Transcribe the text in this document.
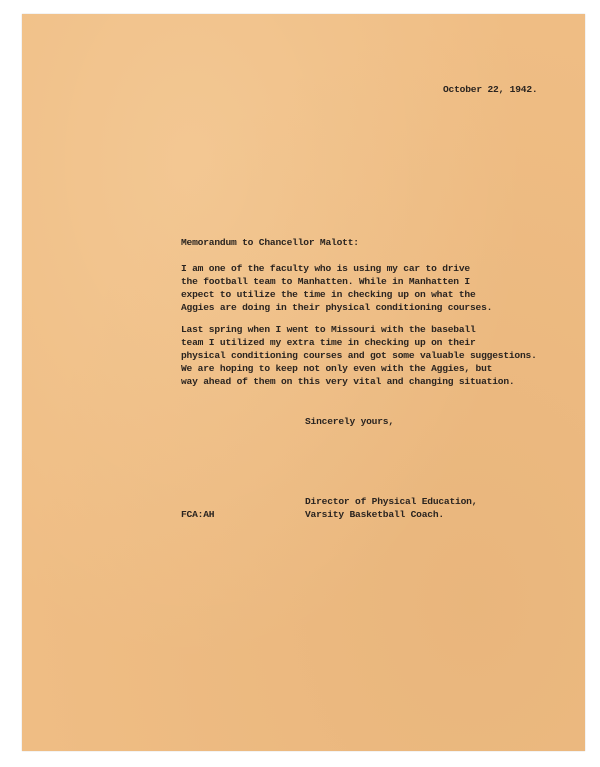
October 22, 1942.
Memorandum to Chancellor Malott:
I am one of the faculty who is using my car to drive
the football team to Manhatten. While in Manhatten I
expect to utilize the time in checking up on what the
Aggies are doing in their physical conditioning courses.
Last spring when I went to Missouri with the baseball
team I utilized my extra time in checking up on their
physical conditioning courses and got some valuable suggestions.
We are hoping to keep not only even with the Aggies, but
way ahead of them on this very vital and changing situation.
Sincerely yours,
Director of Physical Education,
Varsity Basketball Coach.
FCA:AH
